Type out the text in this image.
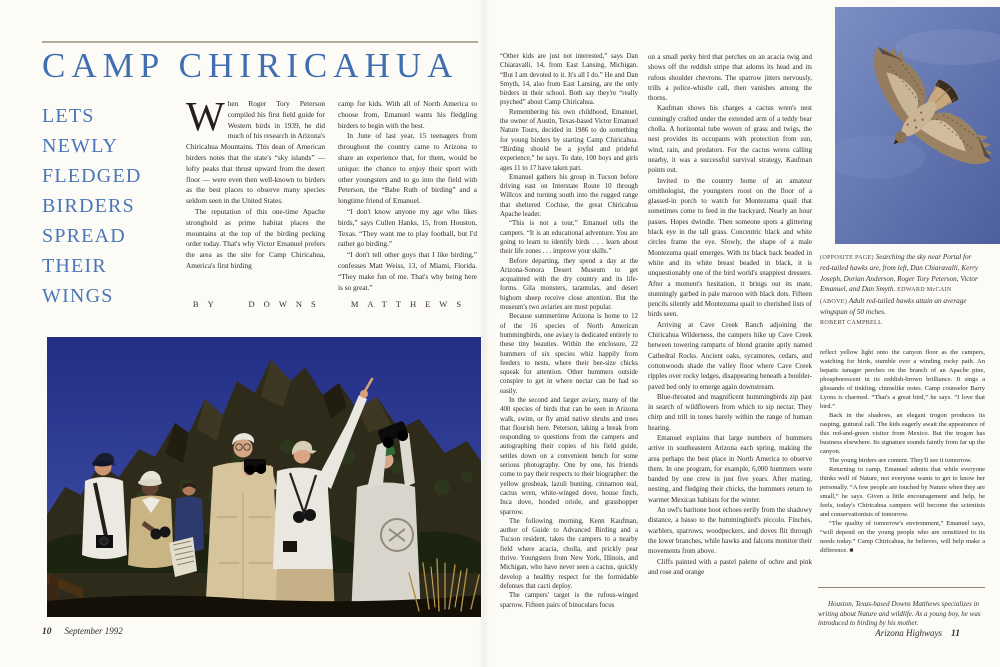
CAMP CHIRICAHUA

LETS

NEWLY

FLEDGED

BIRDERS

SPREAD

THEIR

WINGS

When Roger Tory Peterson compiled his first field guide for Western birds in 1939, he did much of his research in Arizona's Chiricahua Mountains. This dean of American birders notes that the state's “sky islands” — lofty peaks that thrust upward from the desert floor — were even then well-known to birders as the best places to observe many species seldom seen in the United States.

The reputation of this one-time Apache stronghold as prime habitat places the mountains at the top of the birding pecking order today. That's why Victor Emanuel prefers the area as the site for Camp Chiricahua, America's first birding

camp for kids. With all of North America to choose from, Emanuel wants his fledgling birders to begin with the best.

In June of last year, 15 teenagers from throughout the country came to Arizona to share an experience that, for them, would be unique: the chance to enjoy their sport with other youngsters and to go into the field with Peterson, the “Babe Ruth of birding” and a longtime friend of Emanuel.

“I don't know anyone my age who likes birds,” says Cullen Hanks, 15, from Houston, Texas. “They want me to play football, but I'd rather go birding.”

“I don't tell other guys that I like birding,” confesses Matt Weiss, 13, of Miami, Florida. “They make fun of me. That's why being here is so great.”

BY DOWNS MATTHEWS
10 September 1992

“Other kids are just not interested,” says Dan Chiaravalli, 14, from East Lansing, Michigan. “But I am devoted to it. It's all I do.” He and Dan Smyth, 14, also from East Lansing, are the only birders in their school. Both say they're “really psyched” about Camp Chiricahua.

Remembering his own childhood, Emanuel, the owner of Austin, Texas-based Victor Emanuel Nature Tours, decided in 1986 to do something for young birders by starting Camp Chiricahua. “Birding should be a joyful and prideful experience,” he says. To date, 100 boys and girls ages 11 to 17 have taken part.

Emanuel gathers his group in Tucson before driving east on Interstate Route 10 through Willcox and turning south into the rugged range that sheltered Cochise, the great Chiricahua Apache leader.

“This is not a tour,” Emanuel tells the campers. “It is an educational adventure. You are going to learn to identify birds . . . learn about their life zones . . . improve your skills.”

Before departing, they spend a day at the Arizona-Sonora Desert Museum to get acquainted with the dry country and its life-forms. Gila monsters, tarantulas, and desert bighorn sheep receive close attention. But the museum's two aviaries are most popular.

Because summertime Arizona is home to 12 of the 16 species of North American hummingbirds, one aviary is dedicated entirely to these tiny beauties. Within the enclosure, 22 hummers of six species whiz happily from feeders to nests, where their bee-size chicks squeak for attention. Other hummers outside conspire to get in where nectar can be had so easily.

In the second and larger aviary, many of the 400 species of birds that can be seen in Arizona walk, swim, or fly amid native shrubs and trees that flourish here. Peterson, taking a break from responding to questions from the campers and autographing their copies of his field guide, settles down on a convenient bench for some serious photography. One by one, his friends come to pay their respects to their biographer: the yellow grosbeak, lazuli bunting, cinnamon teal, cactus wren, white-winged dove, house finch, Inca dove, hooded oriole, and grasshopper sparrow.

The following morning, Kenn Kaufman, author of Guide to Advanced Birding and a Tucson resident, takes the campers to a nearby field where acacia, cholla, and prickly pear thrive. Youngsters from New York, Illinois, and Michigan, who have never seen a cactus, quickly develop a healthy respect for the formidable defenses that cacti deploy.

The campers' target is the rufous-winged sparrow. Fifteen pairs of binoculars focus

on a small perky bird that perches on an acacia twig and shows off the reddish stripe that adorns its head and its rufous shoulder chevrons. The sparrow jitters nervously, trills a police-whistle call, then vanishes among the thorns.

Kaufman shows his charges a cactus wren's nest cunningly crafted under the extended arm of a teddy bear cholla. A horizontal tube woven of grass and twigs, the nest provides its occupants with protection from sun, wind, rain, and predators. For the cactus wrens calling nearby, it was a successful survival strategy, Kaufman points out.

Invited to the country home of an amateur ornithologist, the youngsters roost on the floor of a glassed-in porch to watch for Montezuma quail that sometimes come to feed in the backyard. Nearly an hour passes. Hopes dwindle. Then someone spots a glittering black eye in the tall grass. Concentric black and white circles frame the eye. Slowly, the shape of a male Montezuma quail emerges. With its black back beaded in white and its white breast beaded in black, it is unquestionably one of the bird world's snappiest dressers. After a moment's hesitation, it brings out its mate, stunningly garbed in pale maroon with black dots. Fifteen pencils silently add Montezuma quail to cherished lists of birds seen.

Arriving at Cave Creek Ranch adjoining the Chiricahua Wilderness, the campers hike up Cave Creek between towering ramparts of blond granite aptly named Cathedral Rocks. Ancient oaks, sycamores, cedars, and cottonwoods shade the valley floor where Cave Creek ripples over rocky ledges, disappearing beneath a boulder-paved bed only to emerge again downstream.

Blue-throated and magnificent hummingbirds zip past in search of wildflowers from which to sip nectar. They chirp and trill in tones barely within the range of human hearing.

Emanuel explains that large numbers of hummers arrive in southeastern Arizona each spring, making the area perhaps the best place in North America to observe them. In one program, for example, 6,000 hummers were banded by one crew in just five years. After mating, nesting, and fledging their chicks, the hummers return to warmer Mexican habitats for the winter.

An owl's baritone hoot echoes eerily from the shadowy distance, a basso to the hummingbird's piccolo. Finches, warblers, sparrows, woodpeckers, and doves flit through the lower branches, while hawks and falcons monitor their movements from above.

Cliffs painted with a pastel palette of ochre and pink and rose and orange

(OPPOSITE PAGE) Searching the sky near Portal for red-tailed hawks are, from left, Dan Chiaravalli, Kerry Joseph, Dorian Anderson, Roger Tory Peterson, Victor Emanuel, and Dan Smyth. EDWARD McCAIN

(ABOVE) Adult red-tailed hawks attain an average wingspan of 50 inches.
ROBERT CAMPBELL

reflect yellow light onto the canyon floor as the campers, watching for birds, stumble over a winding rocky path. An hepatic tanager perches on the branch of an Apache pine, phosphorescent in its reddish-brown brilliance. It sings a glissando of tinkling, chimelike notes. Camp counselor Barry Lyons is charmed. “That's a great bird,” he says. “I love that bird.”

Back in the shadows, an elegant trogon produces its rasping, guttural call. The kids eagerly await the appearance of this red-and-green visitor from Mexico. But the trogon has business elsewhere. Its signature sounds faintly from far up the canyon.

The young birders are content. They'll see it tomorrow.

Returning to camp, Emanuel admits that while everyone thinks well of Nature, not everyone wants to get to know her personally. “A few people are touched by Nature when they are small,” he says. Given a little encouragement and help, he feels, today's Chiricahua campers will become the scientists and conservationists of tomorrow.

“The quality of tomorrow's environment,” Emanuel says, “will depend on the young people who are sensitized to its needs today.” Camp Chiricahua, he believes, will help make a difference. ■

Houston, Texas-based Downs Matthews specializes in writing about Nature and wildlife. As a young boy, he was introduced to birding by his mother.

Arizona Highways 11
